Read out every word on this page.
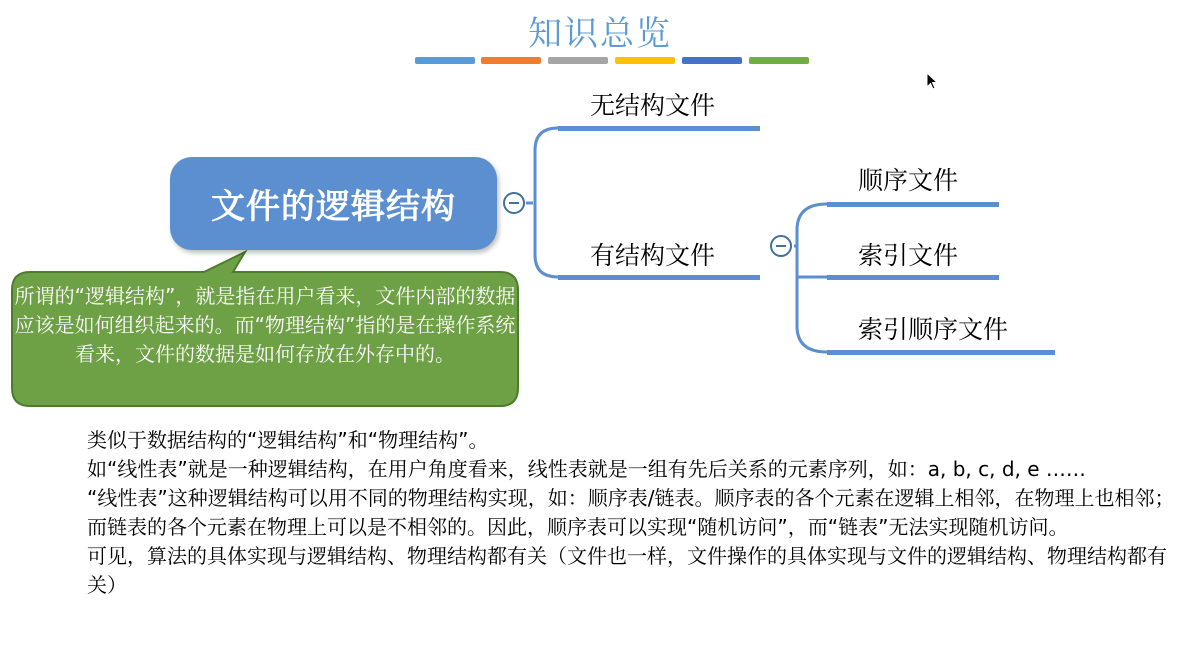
知识总览
文件的逻辑结构
无结构文件
有结构文件
顺序文件
索引文件
索引顺序文件
所谓的“逻辑结构”，就是指在用户看来，文件内部的数据应该是如何组织起来的。而“物理结构”指的是在操作系统看来，文件的数据是如何存放在外存中的。

类似于数据结构的“逻辑结构”和“物理结构”。

如“线性表”就是一种逻辑结构，在用户角度看来，线性表就是一组有先后关系的元素序列，如：a, b, c, d, e ……

“线性表”这种逻辑结构可以用不同的物理结构实现，如：顺序表/链表。顺序表的各个元素在逻辑上相邻，在物理上也相邻；而链表的各个元素在物理上可以是不相邻的。因此，顺序表可以实现“随机访问”，而“链表”无法实现随机访问。

可见，算法的具体实现与逻辑结构、物理结构都有关（文件也一样，文件操作的具体实现与文件的逻辑结构、物理结构都有关）
